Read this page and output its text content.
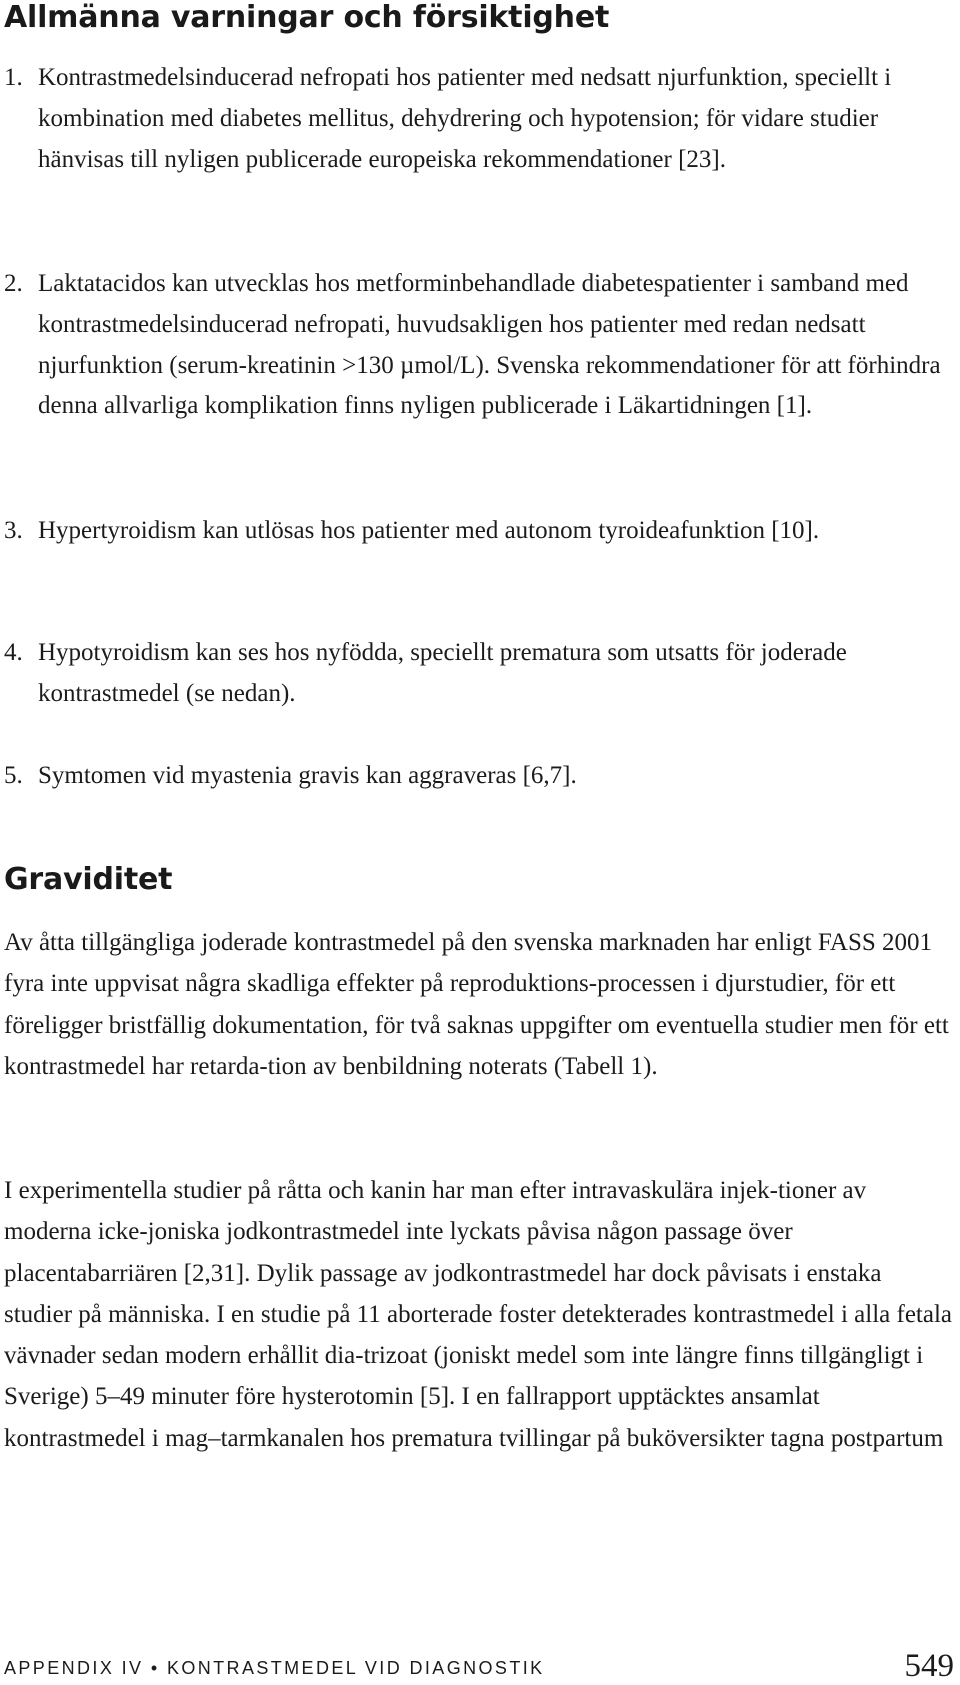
Allmänna varningar och försiktighet

1. Kontrastmedelsinducerad nefropati hos patienter med nedsatt njurfunktion, speciellt i kombination med diabetes mellitus, dehydrering och hypotension; för vidare studier hänvisas till nyligen publicerade europeiska rekommendationer [23].

2. Laktatacidos kan utvecklas hos metforminbehandlade diabetespatienter i samband med kontrastmedelsinducerad nefropati, huvudsakligen hos patienter med redan nedsatt njurfunktion (serum-kreatinin >130 µmol/L). Svenska rekommendationer för att förhindra denna allvarliga komplikation finns nyligen publicerade i Läkartidningen [1].

3. Hypertyroidism kan utlösas hos patienter med autonom tyroideafunktion [10].

4. Hypotyroidism kan ses hos nyfödda, speciellt prematura som utsatts för joderade kontrastmedel (se nedan).

5. Symtomen vid myastenia gravis kan aggraveras [6,7].

Graviditet

Av åtta tillgängliga joderade kontrastmedel på den svenska marknaden har enligt FASS 2001 fyra inte uppvisat några skadliga effekter på reproduktions-processen i djurstudier, för ett föreligger bristfällig dokumentation, för två saknas uppgifter om eventuella studier men för ett kontrastmedel har retarda-tion av benbildning noterats (Tabell 1).

I experimentella studier på råtta och kanin har man efter intravaskulära injek-tioner av moderna icke-joniska jodkontrastmedel inte lyckats påvisa någon passage över placentabarriären [2,31]. Dylik passage av jodkontrastmedel har dock påvisats i enstaka studier på människa. I en studie på 11 aborterade foster detekterades kontrastmedel i alla fetala vävnader sedan modern erhållit dia-trizoat (joniskt medel som inte längre finns tillgängligt i Sverige) 5–49 minuter före hysterotomin [5]. I en fallrapport upptäcktes ansamlat kontrastmedel i mag–tarmkanalen hos prematura tvillingar på buköversikter tagna postpartum

APPENDIX IV • KONTRASTMEDEL VID DIAGNOSTIK	549
